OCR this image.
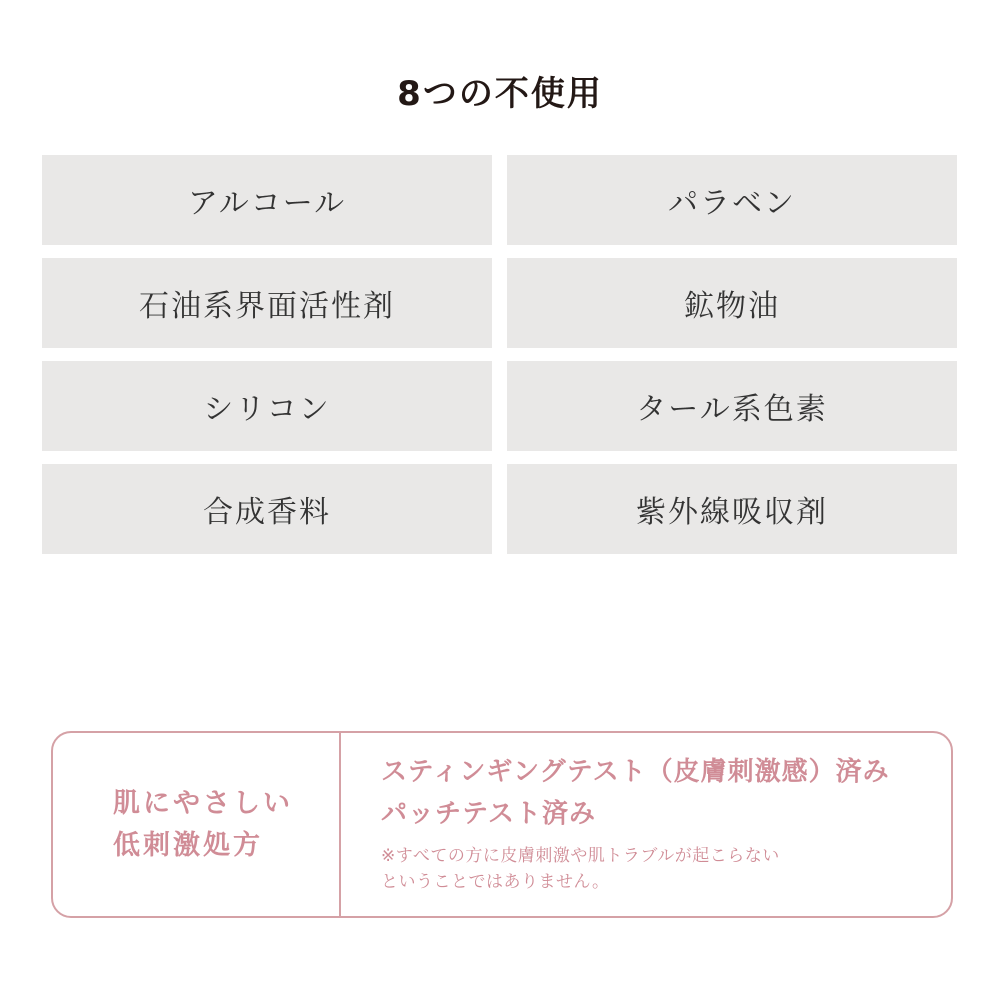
8つの不使用
アルコール	パラベン
石油系界面活性剤	鉱物油
シリコン	タール系色素
合成香料	紫外線吸収剤
肌にやさしい
低刺激処方
スティンギングテスト（皮膚刺激感）済み
パッチテスト済み
※すべての方に皮膚刺激や肌トラブルが起こらない
ということではありません。
